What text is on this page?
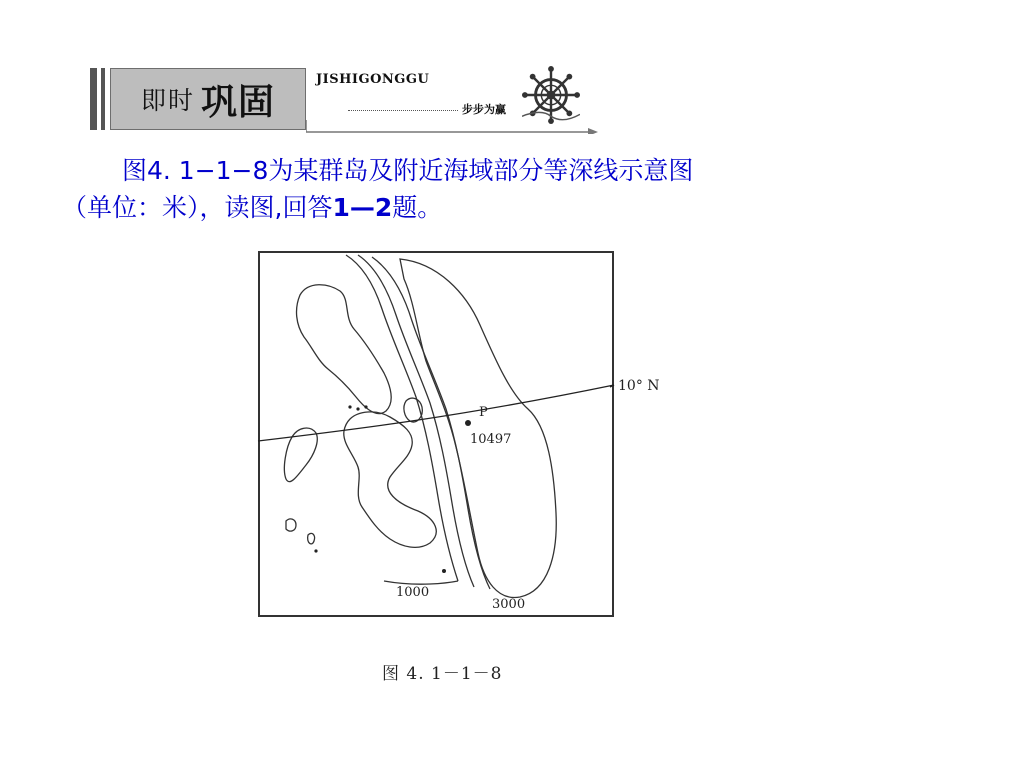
即时 巩固
JISHIGONGGU
步步为赢
图4. 1−1−8为某群岛及附近海域部分等深线示意图
（单位：米），读图,回答1—2题。
10° N
P
10497
1000
3000
图 4. 1－1－8
